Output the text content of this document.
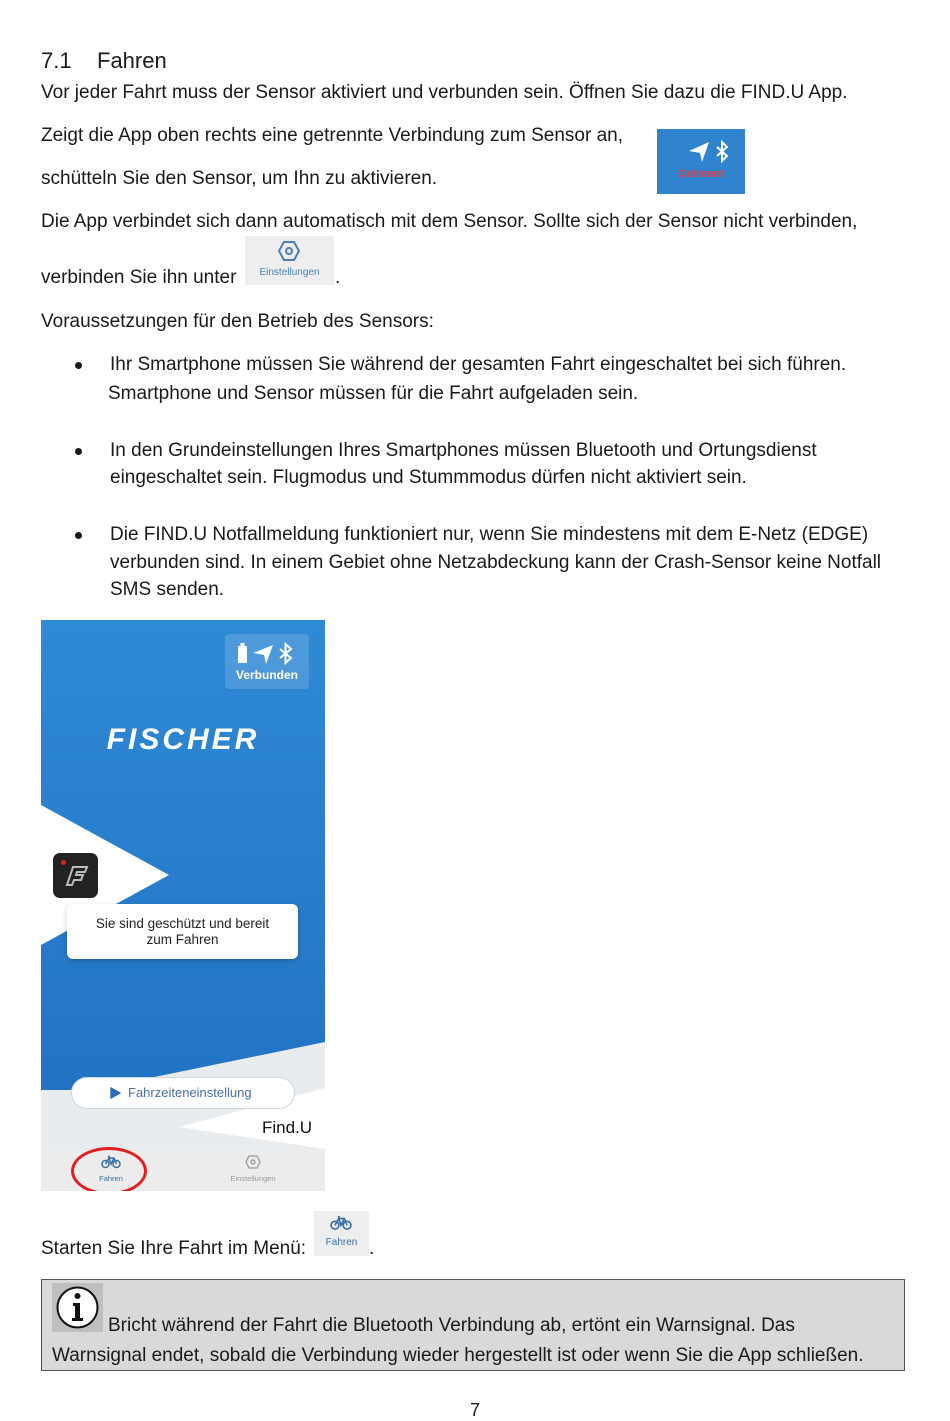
7.1 Fahren
Vor jeder Fahrt muss der Sensor aktiviert und verbunden sein. Öffnen Sie dazu die FIND.U App.
Zeigt die App oben rechts eine getrennte Verbindung zum Sensor an,
schütteln Sie den Sensor, um Ihn zu aktivieren.	Getrennt
Die App verbindet sich dann automatisch mit dem Sensor. Sollte sich der Sensor nicht verbinden,
verbinden Sie ihn unter	Einstellungen .
Voraussetzungen für den Betrieb des Sensors:
Ihr Smartphone müssen Sie während der gesamten Fahrt eingeschaltet bei sich führen.
Smartphone und Sensor müssen für die Fahrt aufgeladen sein.
In den Grundeinstellungen Ihres Smartphones müssen Bluetooth und Ortungsdienst
eingeschaltet sein. Flugmodus und Stummmodus dürfen nicht aktiviert sein.
Die FIND.U Notfallmeldung funktioniert nur, wenn Sie mindestens mit dem E-Netz (EDGE)
verbunden sind. In einem Gebiet ohne Netzabdeckung kann der Crash-Sensor keine Notfall
SMS senden.
Verbunden
FISCHER
Sie sind geschützt und bereit zum Fahren
Fahrzeiteneinstellung
Find.U
Fahren	Einstellungen
Starten Sie Ihre Fahrt im Menü:	Fahren .
Bricht während der Fahrt die Bluetooth Verbindung ab, ertönt ein Warnsignal. Das
Warnsignal endet, sobald die Verbindung wieder hergestellt ist oder wenn Sie die App schließen.
7
